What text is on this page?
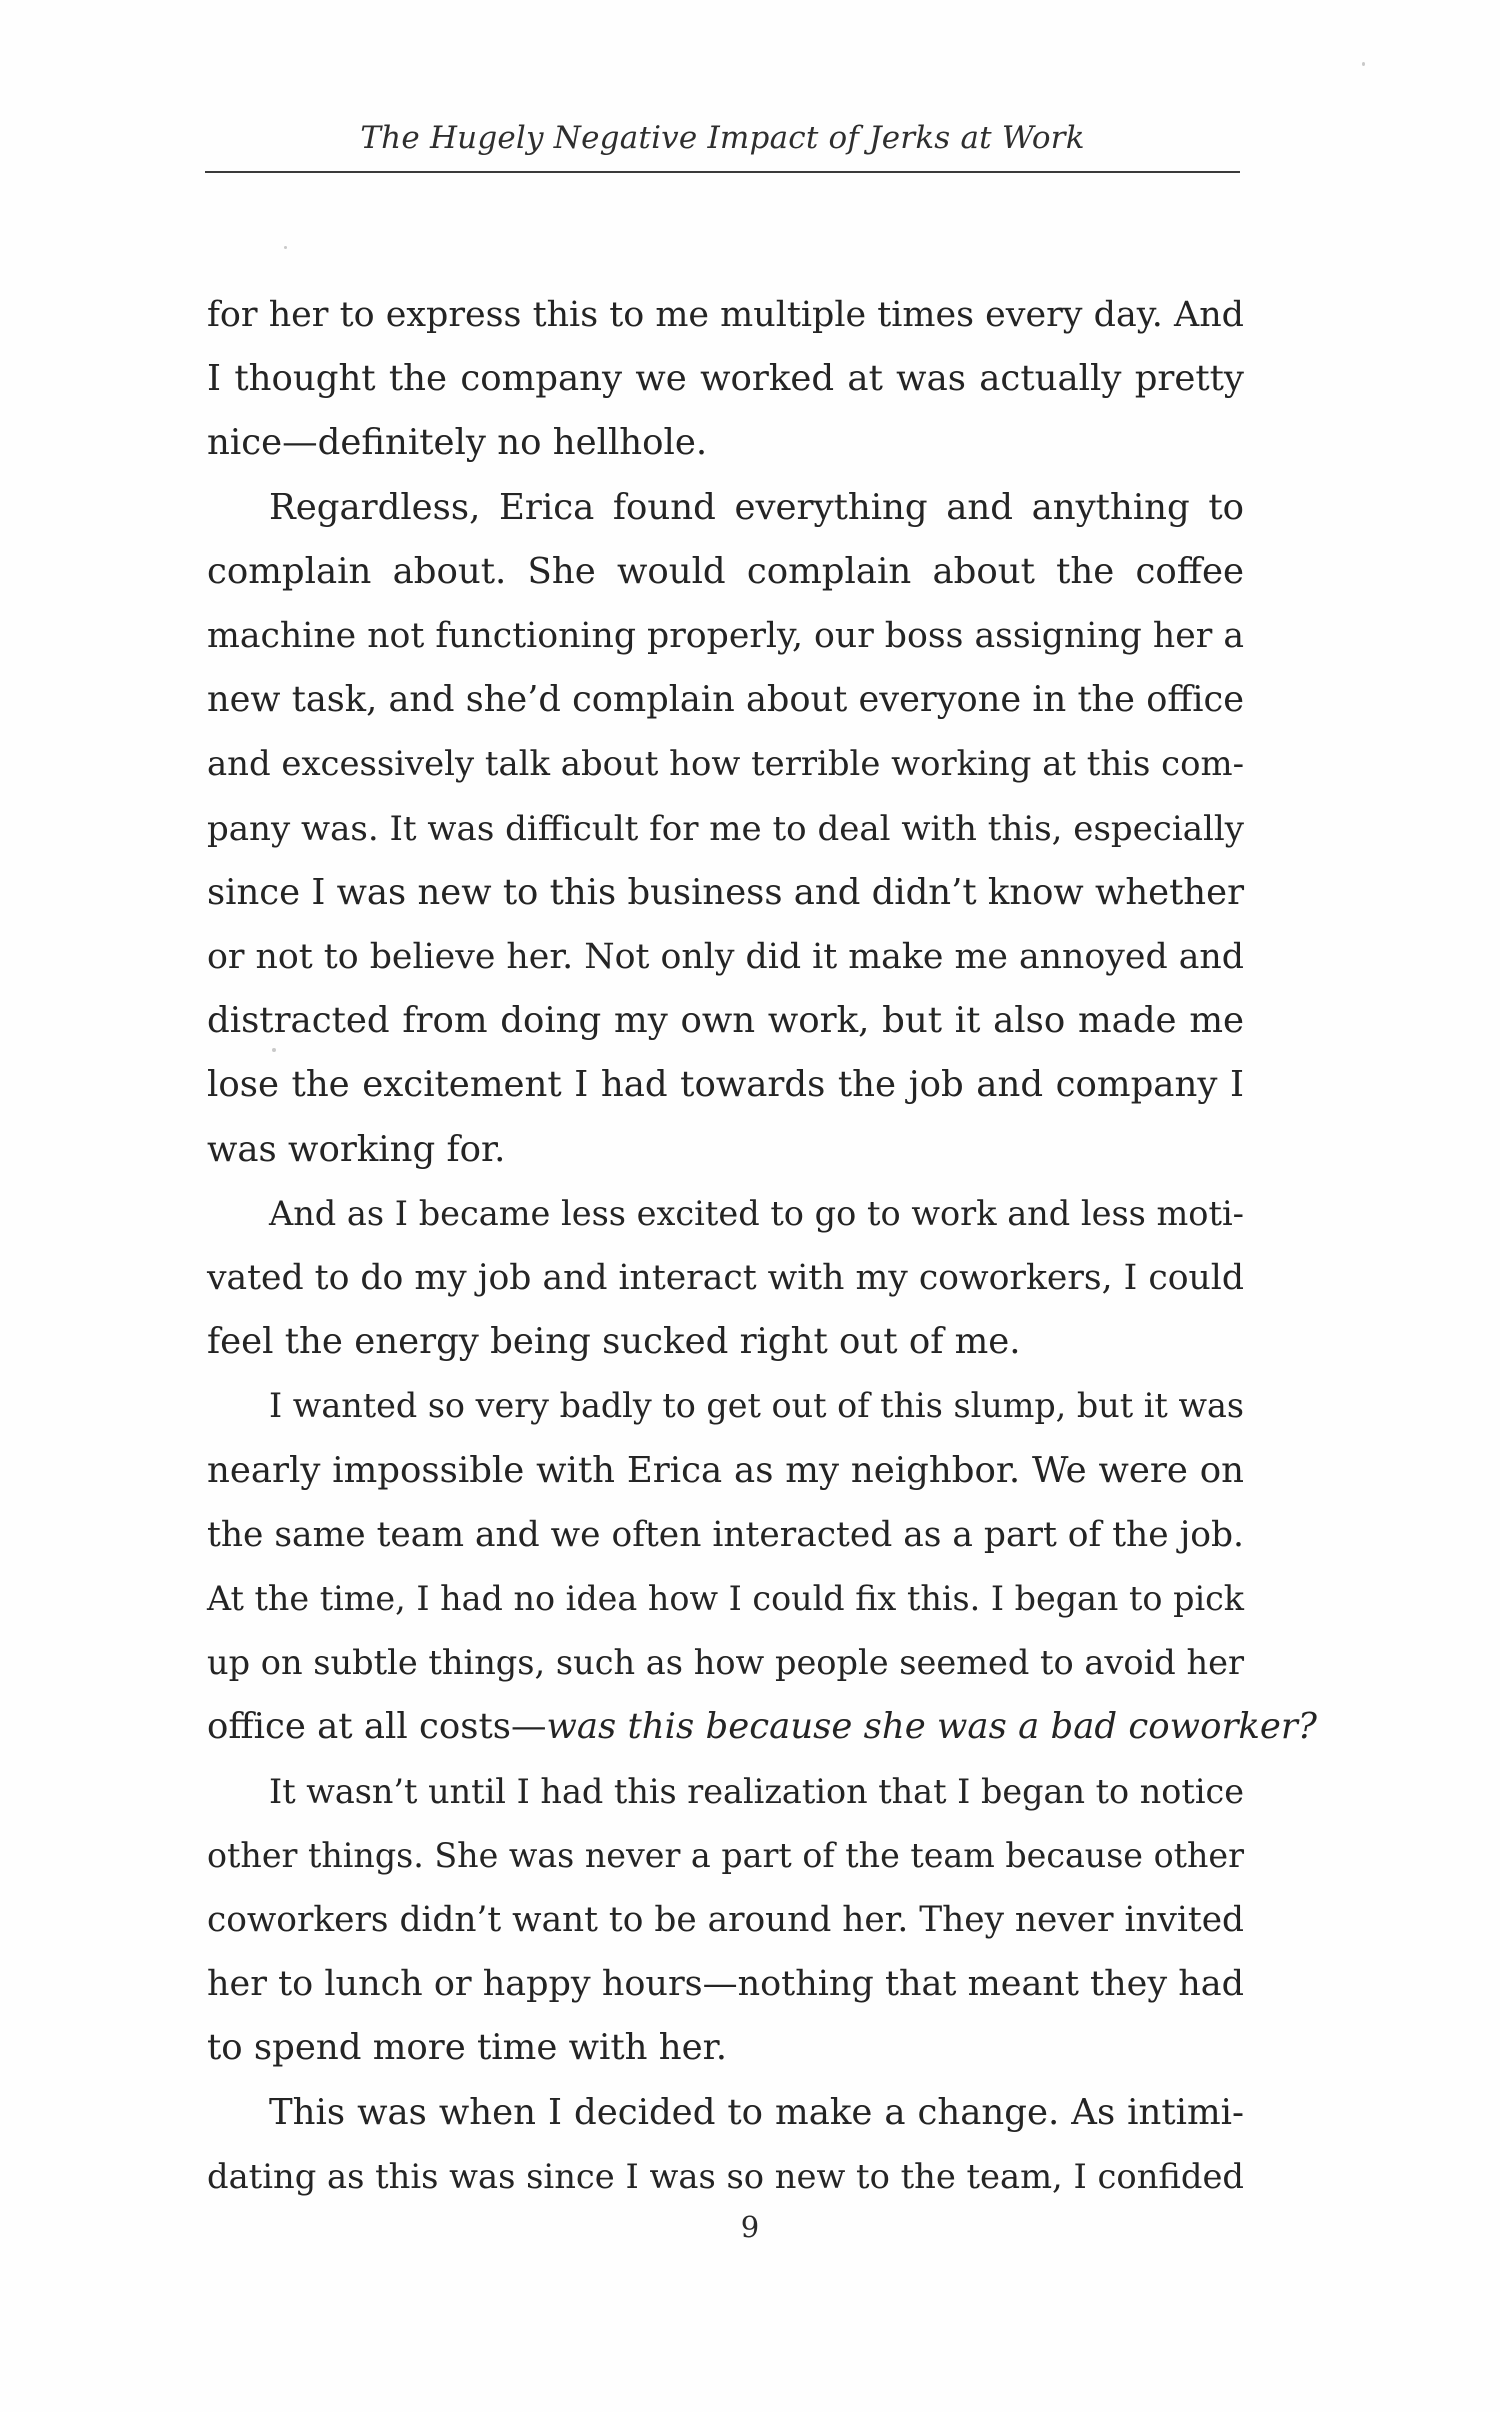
The Hugely Negative Impact of Jerks at Work
for her to express this to me multiple times every day. And
I thought the company we worked at was actually pretty
nice—definitely no hellhole.
Regardless, Erica found everything and anything to
complain about. She would complain about the coffee
machine not functioning properly, our boss assigning her a
new task, and she’d complain about everyone in the office
and excessively talk about how terrible working at this com-
pany was. It was difficult for me to deal with this, especially
since I was new to this business and didn’t know whether
or not to believe her. Not only did it make me annoyed and
distracted from doing my own work, but it also made me
lose the excitement I had towards the job and company I
was working for.
And as I became less excited to go to work and less moti-
vated to do my job and interact with my coworkers, I could
feel the energy being sucked right out of me.
I wanted so very badly to get out of this slump, but it was
nearly impossible with Erica as my neighbor. We were on
the same team and we often interacted as a part of the job.
At the time, I had no idea how I could fix this. I began to pick
up on subtle things, such as how people seemed to avoid her
office at all costs—was this because she was a bad coworker?
It wasn’t until I had this realization that I began to notice
other things. She was never a part of the team because other
coworkers didn’t want to be around her. They never invited
her to lunch or happy hours—nothing that meant they had
to spend more time with her.
This was when I decided to make a change. As intimi-
dating as this was since I was so new to the team, I confided
9
